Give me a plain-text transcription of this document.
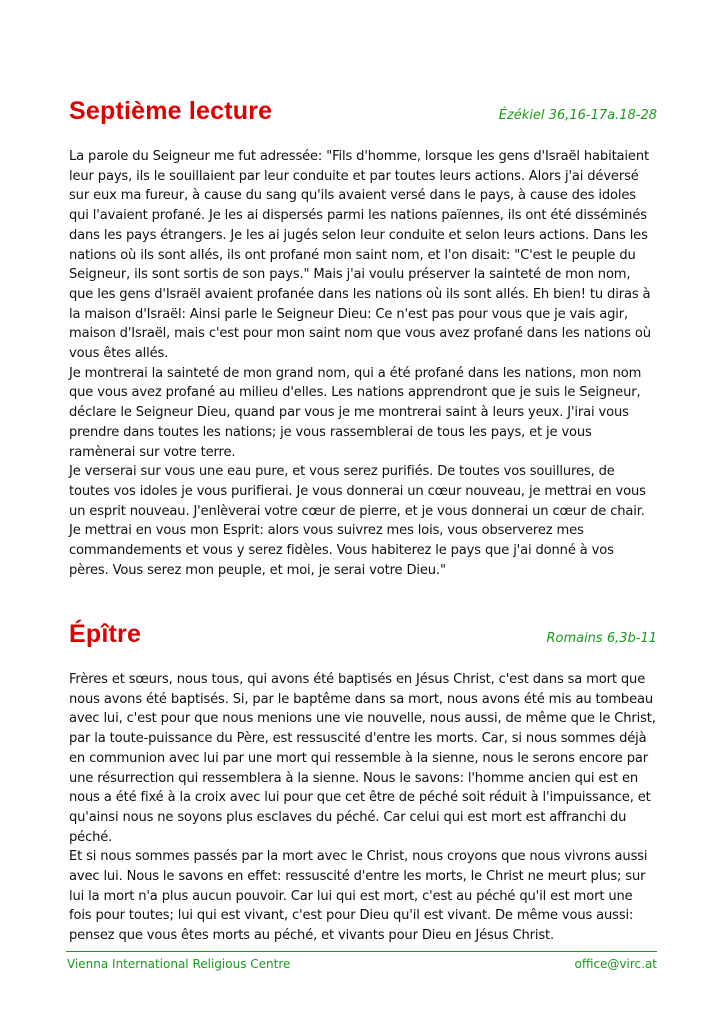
Septième lecture	Ézékiel 36,16-17a.18-28

La parole du Seigneur me fut adressée: "Fils d'homme, lorsque les gens d'Israël habitaient leur pays, ils le souillaient par leur conduite et par toutes leurs actions. Alors j'ai déversé sur eux ma fureur, à cause du sang qu'ils avaient versé dans le pays, à cause des idoles qui l'avaient profané. Je les ai dispersés parmi les nations païennes, ils ont été disséminés dans les pays étrangers. Je les ai jugés selon leur conduite et selon leurs actions. Dans les nations où ils sont allés, ils ont profané mon saint nom, et l'on disait: "C'est le peuple du Seigneur, ils sont sortis de son pays." Mais j'ai voulu préserver la sainteté de mon nom, que les gens d'Israël avaient profanée dans les nations où ils sont allés. Eh bien! tu diras à la maison d'Israël: Ainsi parle le Seigneur Dieu: Ce n'est pas pour vous que je vais agir, maison d'Israël, mais c'est pour mon saint nom que vous avez profané dans les nations où vous êtes allés.

Je montrerai la sainteté de mon grand nom, qui a été profané dans les nations, mon nom que vous avez profané au milieu d'elles. Les nations apprendront que je suis le Seigneur, déclare le Seigneur Dieu, quand par vous je me montrerai saint à leurs yeux. J'irai vous prendre dans toutes les nations; je vous rassemblerai de tous les pays, et je vous ramènerai sur votre terre.

Je verserai sur vous une eau pure, et vous serez purifiés. De toutes vos souillures, de toutes vos idoles je vous purifierai. Je vous donnerai un cœur nouveau, je mettrai en vous un esprit nouveau. J'enlèverai votre cœur de pierre, et je vous donnerai un cœur de chair. Je mettrai en vous mon Esprit: alors vous suivrez mes lois, vous observerez mes commandements et vous y serez fidèles. Vous habiterez le pays que j'ai donné à vos pères. Vous serez mon peuple, et moi, je serai votre Dieu."

Épître	Romains 6,3b-11

Frères et sœurs, nous tous, qui avons été baptisés en Jésus Christ, c'est dans sa mort que nous avons été baptisés. Si, par le baptême dans sa mort, nous avons été mis au tombeau avec lui, c'est pour que nous menions une vie nouvelle, nous aussi, de même que le Christ, par la toute-puissance du Père, est ressuscité d'entre les morts. Car, si nous sommes déjà en communion avec lui par une mort qui ressemble à la sienne, nous le serons encore par une résurrection qui ressemblera à la sienne. Nous le savons: l'homme ancien qui est en nous a été fixé à la croix avec lui pour que cet être de péché soit réduit à l'impuissance, et qu'ainsi nous ne soyons plus esclaves du péché. Car celui qui est mort est affranchi du péché.

Et si nous sommes passés par la mort avec le Christ, nous croyons que nous vivrons aussi avec lui. Nous le savons en effet: ressuscité d'entre les morts, le Christ ne meurt plus; sur lui la mort n'a plus aucun pouvoir. Car lui qui est mort, c'est au péché qu'il est mort une fois pour toutes; lui qui est vivant, c'est pour Dieu qu'il est vivant. De même vous aussi: pensez que vous êtes morts au péché, et vivants pour Dieu en Jésus Christ.

Vienna International Religious Centre	office@virc.at
